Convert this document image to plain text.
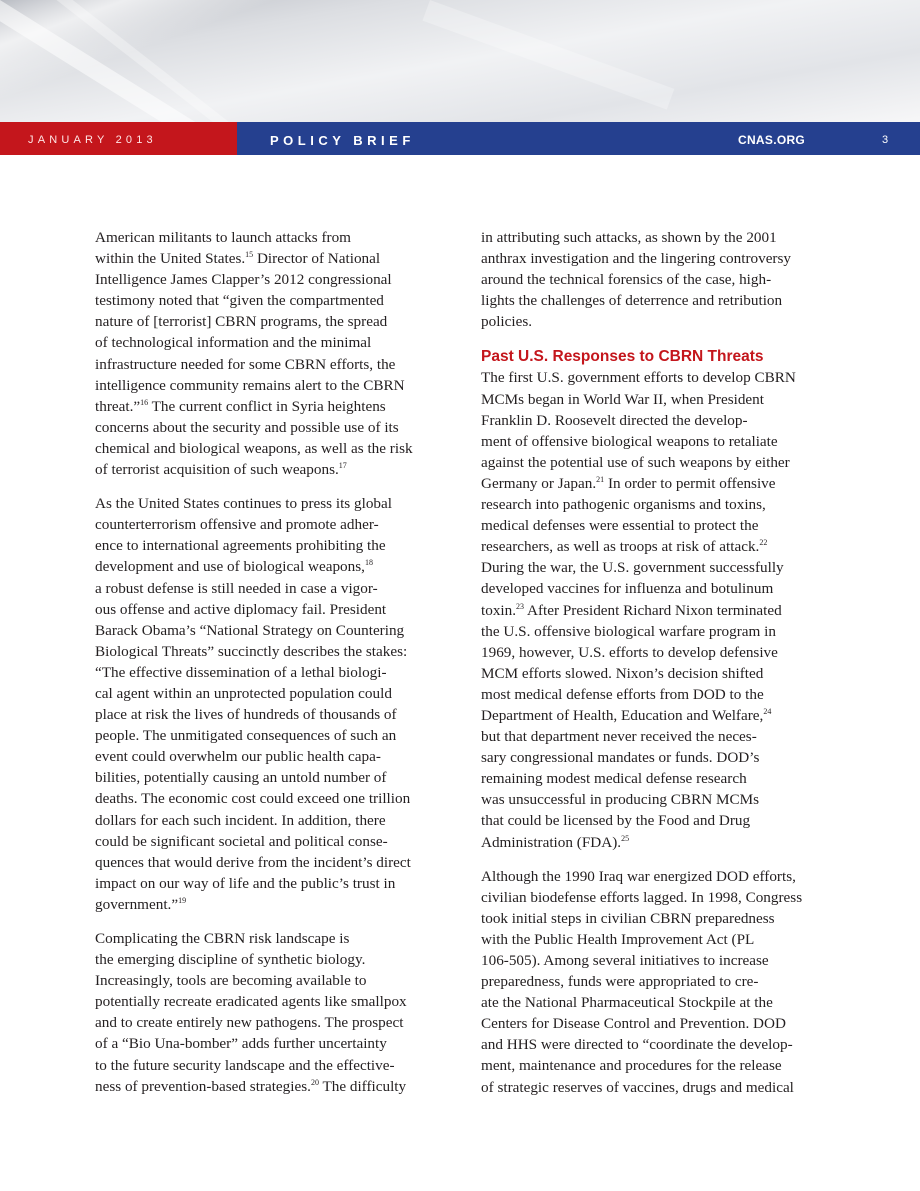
JANUARY 2013	POLICY BRIEF	CNAS.ORG	3

American militants to launch attacks from
within the United States.$^{15}$ Director of National
Intelligence James Clapper’s 2012 congressional
testimony noted that “given the compartmented
nature of [terrorist] CBRN programs, the spread
of technological information and the minimal
infrastructure needed for some CBRN efforts, the
intelligence community remains alert to the CBRN
threat.”$^{16}$ The current conflict in Syria heightens
concerns about the security and possible use of its
chemical and biological weapons, as well as the risk
of terrorist acquisition of such weapons.$^{17}$

As the United States continues to press its global
counterterrorism offensive and promote adher-
ence to international agreements prohibiting the
development and use of biological weapons,$^{18}$
a robust defense is still needed in case a vigor-
ous offense and active diplomacy fail. President
Barack Obama’s “National Strategy on Countering
Biological Threats” succinctly describes the stakes:
“The effective dissemination of a lethal biologi-
cal agent within an unprotected population could
place at risk the lives of hundreds of thousands of
people. The unmitigated consequences of such an
event could overwhelm our public health capa-
bilities, potentially causing an untold number of
deaths. The economic cost could exceed one trillion
dollars for each such incident. In addition, there
could be significant societal and political conse-
quences that would derive from the incident’s direct
impact on our way of life and the public’s trust in
government.”$^{19}$

Complicating the CBRN risk landscape is
the emerging discipline of synthetic biology.
Increasingly, tools are becoming available to
potentially recreate eradicated agents like smallpox
and to create entirely new pathogens. The prospect
of a “Bio Una-bomber” adds further uncertainty
to the future security landscape and the effective-
ness of prevention-based strategies.$^{20}$ The difficulty

in attributing such attacks, as shown by the 2001
anthrax investigation and the lingering controversy
around the technical forensics of the case, high-
lights the challenges of deterrence and retribution
policies.

Past U.S. Responses to CBRN Threats

The first U.S. government efforts to develop CBRN
MCMs began in World War II, when President
Franklin D. Roosevelt directed the develop-
ment of offensive biological weapons to retaliate
against the potential use of such weapons by either
Germany or Japan.$^{21}$ In order to permit offensive
research into pathogenic organisms and toxins,
medical defenses were essential to protect the
researchers, as well as troops at risk of attack.$^{22}$
During the war, the U.S. government successfully
developed vaccines for influenza and botulinum
toxin.$^{23}$ After President Richard Nixon terminated
the U.S. offensive biological warfare program in
1969, however, U.S. efforts to develop defensive
MCM efforts slowed. Nixon’s decision shifted
most medical defense efforts from DOD to the
Department of Health, Education and Welfare,$^{24}$
but that department never received the neces-
sary congressional mandates or funds. DOD’s
remaining modest medical defense research
was unsuccessful in producing CBRN MCMs
that could be licensed by the Food and Drug
Administration (FDA).$^{25}$

Although the 1990 Iraq war energized DOD efforts,
civilian biodefense efforts lagged. In 1998, Congress
took initial steps in civilian CBRN preparedness
with the Public Health Improvement Act (PL
106-505). Among several initiatives to increase
preparedness, funds were appropriated to cre-
ate the National Pharmaceutical Stockpile at the
Centers for Disease Control and Prevention. DOD
and HHS were directed to “coordinate the develop-
ment, maintenance and procedures for the release
of strategic reserves of vaccines, drugs and medical
